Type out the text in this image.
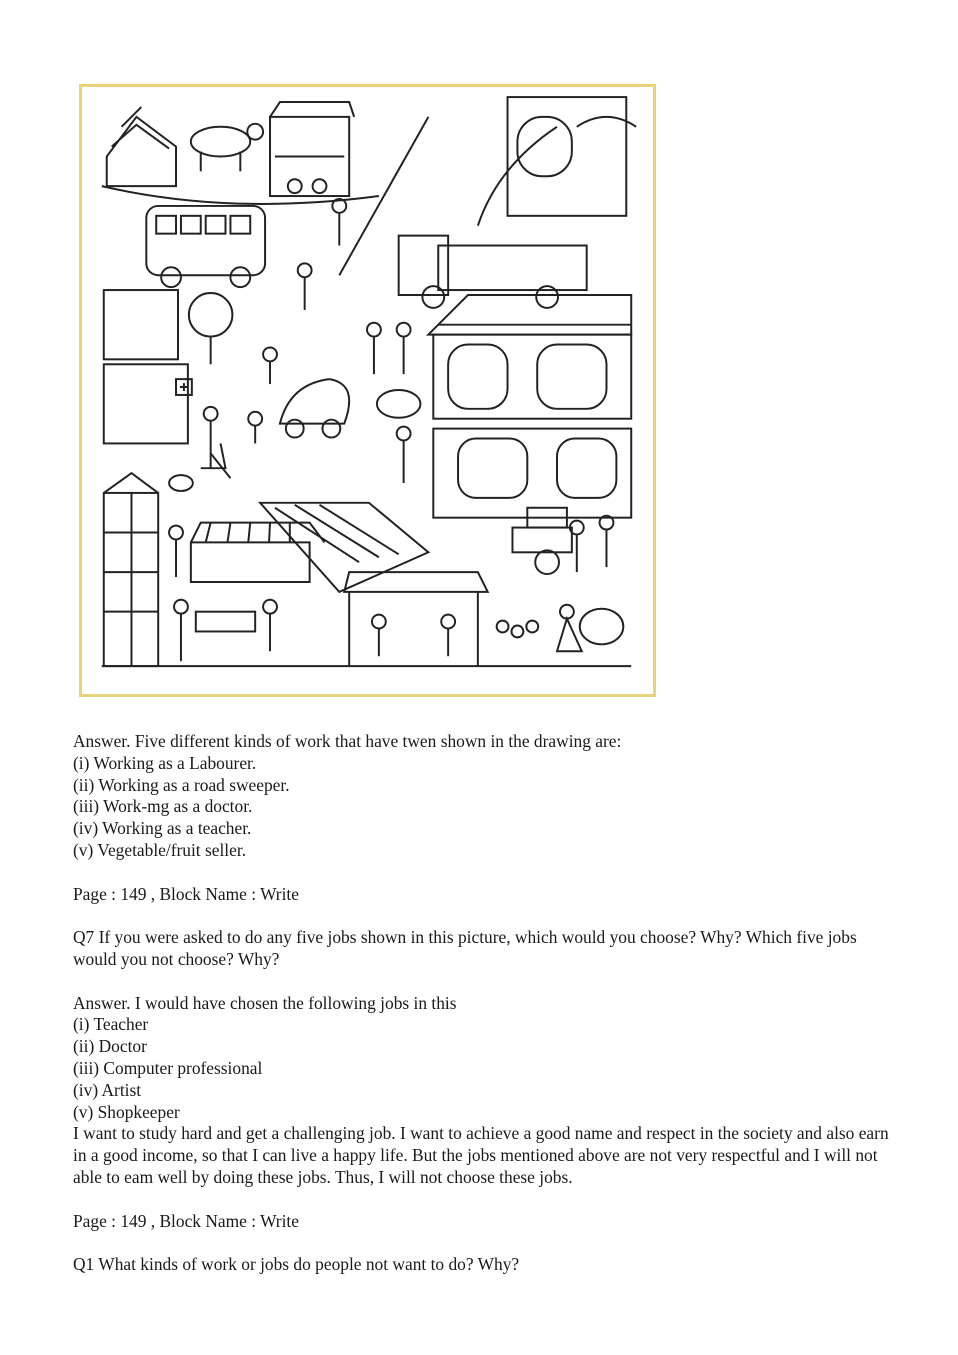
Answer. Five different kinds of work that have twen shown in the drawing are:

(i) Working as a Labourer.

(ii) Working as a road sweeper.

(iii) Work-mg as a doctor.

(iv) Working as a teacher.

(v) Vegetable/fruit seller.

Page : 149 , Block Name : Write

Q7 If you were asked to do any five jobs shown in this picture, which would you choose? Why? Which five jobs would you not choose? Why?

Answer. I would have chosen the following jobs in this

(i) Teacher

(ii) Doctor

(iii) Computer professional

(iv) Artist

(v) Shopkeeper

I want to study hard and get a challenging job. I want to achieve a good name and respect in the society and also earn in a good income, so that I can live a happy life. But the jobs mentioned above are not very respectful and I will not able to eam well by doing these jobs. Thus, I will not choose these jobs.

Page : 149 , Block Name : Write

Q1 What kinds of work or jobs do people not want to do? Why?
